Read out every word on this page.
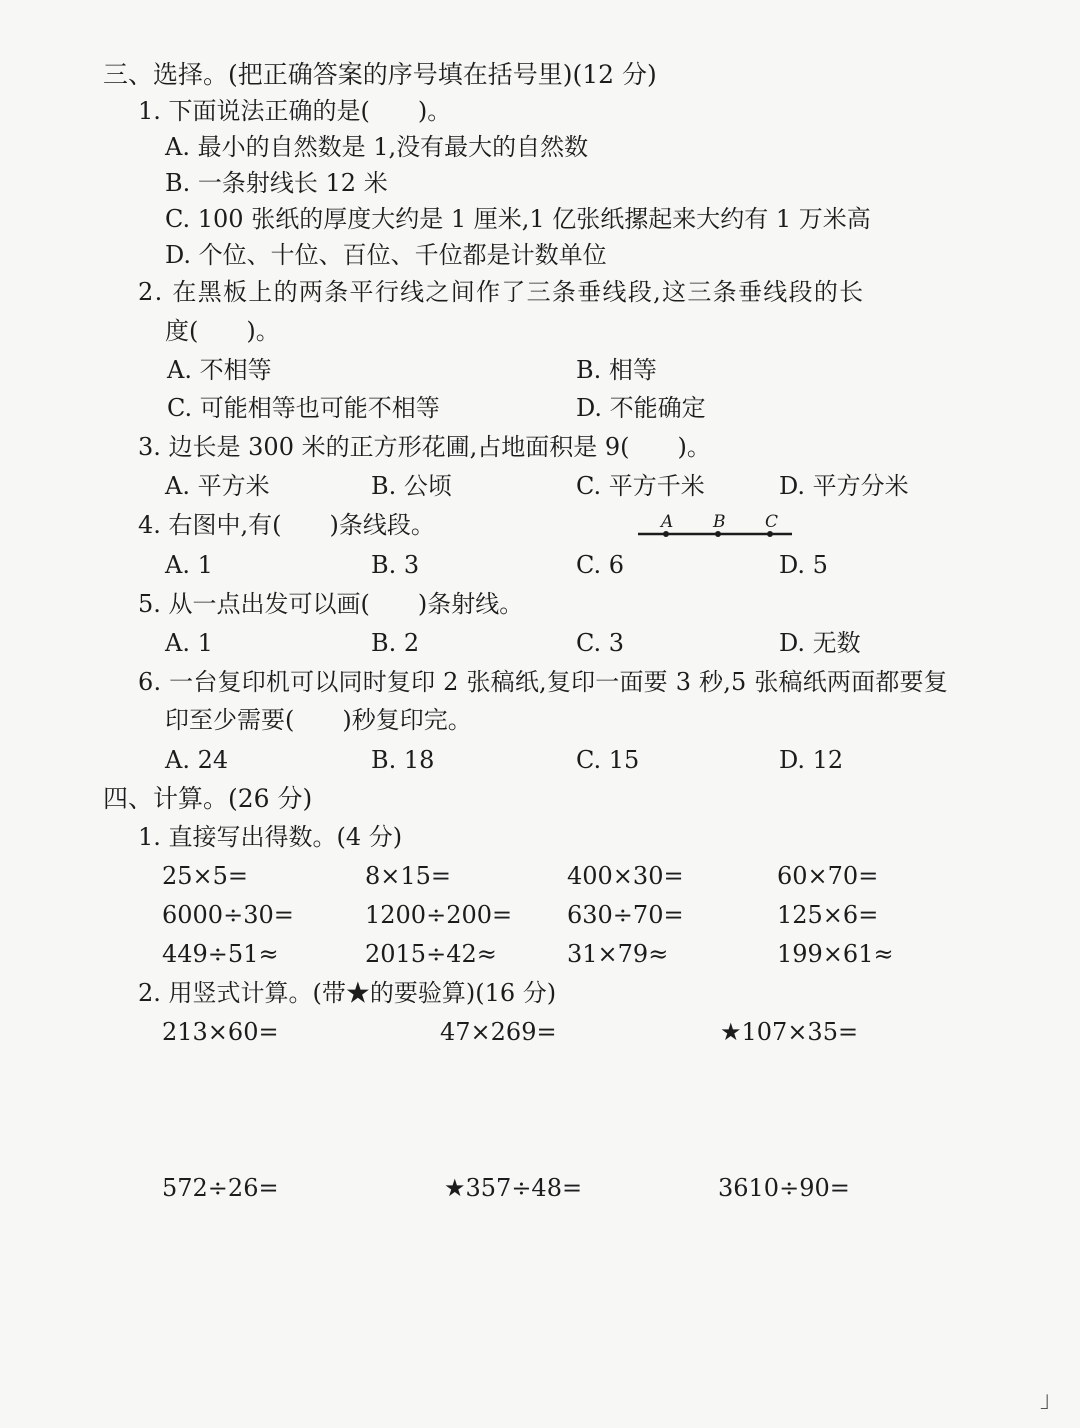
三、选择。(把正确答案的序号填在括号里)(12 分)
1. 下面说法正确的是(　　)。
A. 最小的自然数是 1,没有最大的自然数
B. 一条射线长 12 米
C. 100 张纸的厚度大约是 1 厘米,1 亿张纸摞起来大约有 1 万米高
D. 个位、十位、百位、千位都是计数单位
2. 在黑板上的两条平行线之间作了三条垂线段,这三条垂线段的长
度(　　)。
A. 不相等	B. 相等
C. 可能相等也可能不相等	D. 不能确定
3. 边长是 300 米的正方形花圃,占地面积是 9(　　)。
A. 平方米	B. 公顷	C. 平方千米	D. 平方分米
4. 右图中,有(　　)条线段。	A B C
A. 1	B. 3	C. 6	D. 5
5. 从一点出发可以画(　　)条射线。
A. 1	B. 2	C. 3	D. 无数
6. 一台复印机可以同时复印 2 张稿纸,复印一面要 3 秒,5 张稿纸两面都要复
印至少需要(　　)秒复印完。
A. 24	B. 18	C. 15	D. 12
四、计算。(26 分)
1. 直接写出得数。(4 分)
25×5=	8×15=	400×30=	60×70=
6000÷30=	1200÷200= 630÷70=	125×6=
449÷51≈	2015÷42≈	31×79≈	199×61≈
2. 用竖式计算。(带★的要验算)(16 分)
213×60=	47×269=	★107×35=
572÷26=	★357÷48=	3610÷90=
」
